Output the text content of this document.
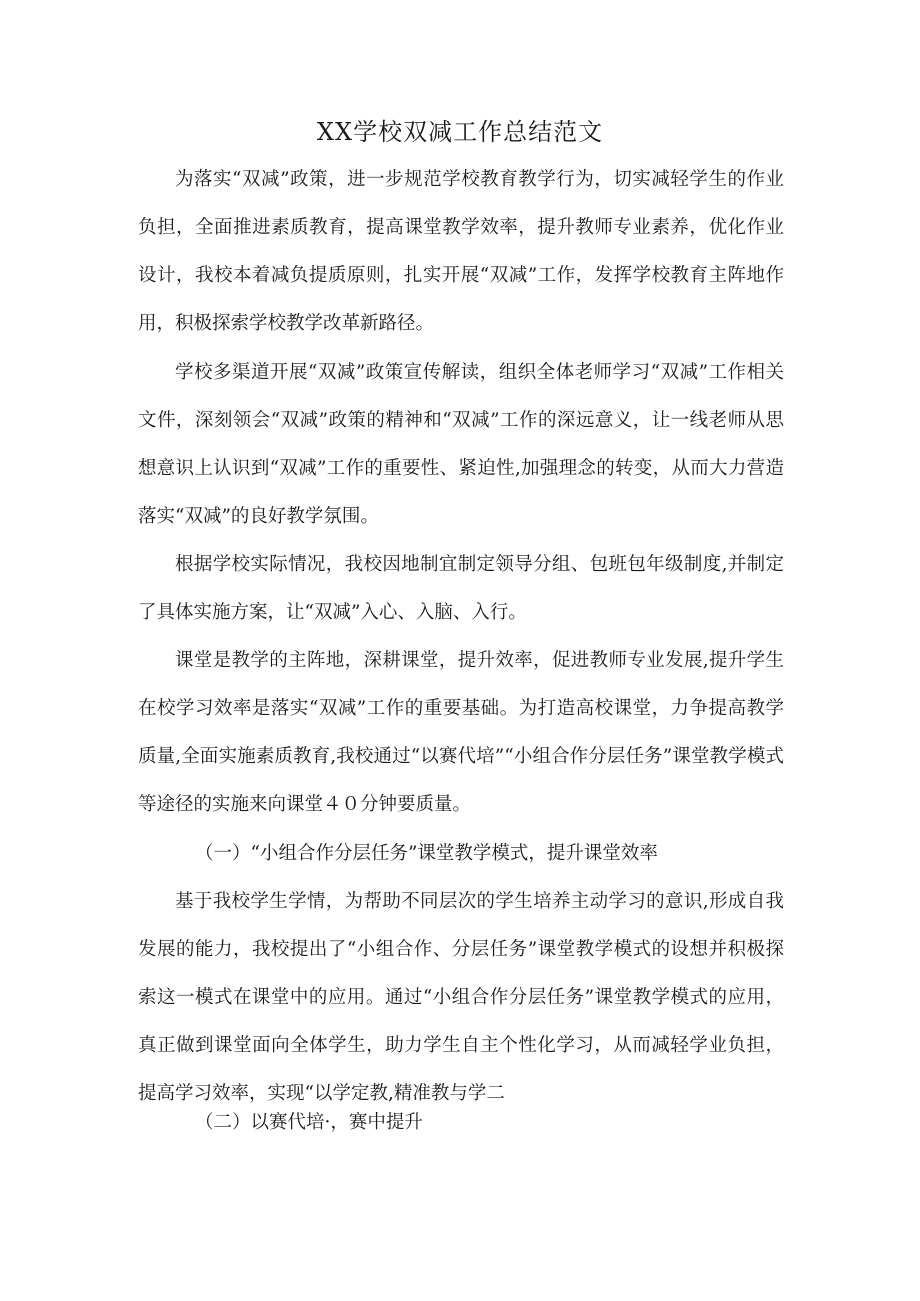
XX学校双减工作总结范文

为落实“双减”政策，进一步规范学校教育教学行为，切实减轻学生的作业负担，全面推进素质教育，提高课堂教学效率，提升教师专业素养，优化作业设计，我校本着减负提质原则，扎实开展“双减”工作，发挥学校教育主阵地作用，积极探索学校教学改革新路径。

学校多渠道开展“双减”政策宣传解读，组织全体老师学习“双减”工作相关文件，深刻领会“双减”政策的精神和“双减”工作的深远意义，让一线老师从思想意识上认识到“双减”工作的重要性、紧迫性,加强理念的转变，从而大力营造落实“双减”的良好教学氛围。

根据学校实际情况，我校因地制宜制定领导分组、包班包年级制度,并制定了具体实施方案，让“双减”入心、入脑、入行。

课堂是教学的主阵地，深耕课堂，提升效率，促进教师专业发展,提升学生在校学习效率是落实“双减”工作的重要基础。为打造高校课堂，力争提高教学质量,全面实施素质教育,我校通过“以赛代培”“小组合作分层任务”课堂教学模式等途径的实施来向课堂４０分钟要质量。

（一）“小组合作分层任务”课堂教学模式，提升课堂效率

基于我校学生学情，为帮助不同层次的学生培养主动学习的意识,形成自我发展的能力，我校提出了“小组合作、分层任务”课堂教学模式的设想并积极探索这一模式在课堂中的应用。通过“小组合作分层任务”课堂教学模式的应用，真正做到课堂面向全体学生，助力学生自主个性化学习，从而减轻学业负担，提高学习效率，实现“以学定教,精准教与学二

（二）以赛代培·，赛中提升
